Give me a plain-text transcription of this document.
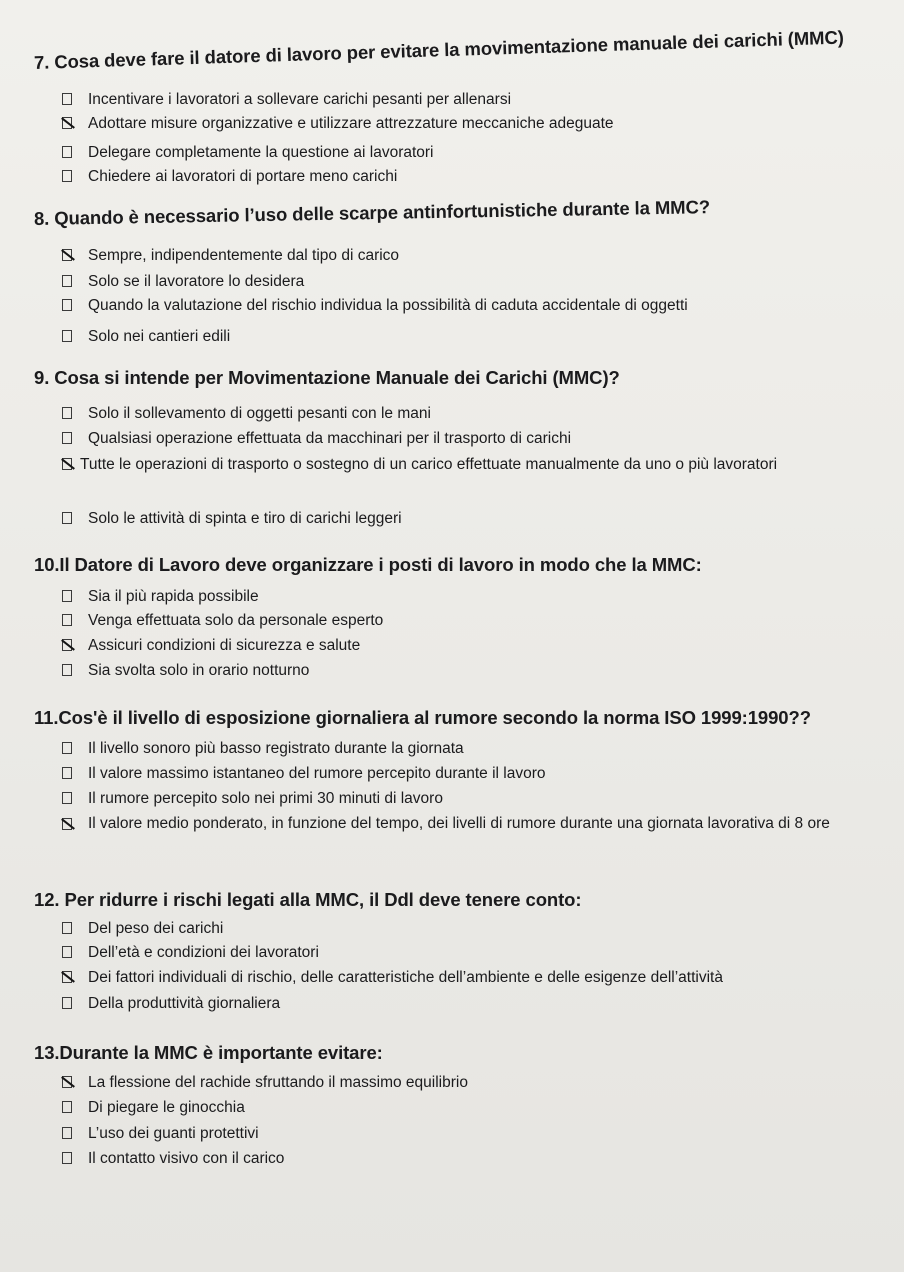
7. Cosa deve fare il datore di lavoro per evitare la movimentazione manuale dei carichi (MMC)
Incentivare i lavoratori a sollevare carichi pesanti per allenarsi
Adottare misure organizzative e utilizzare attrezzature meccaniche adeguate
Delegare completamente la questione ai lavoratori
Chiedere ai lavoratori di portare meno carichi
8. Quando è necessario l’uso delle scarpe antinfortunistiche durante la MMC?
Sempre, indipendentemente dal tipo di carico
Solo se il lavoratore lo desidera
Quando la valutazione del rischio individua la possibilità di caduta accidentale di oggetti
Solo nei cantieri edili
9. Cosa si intende per Movimentazione Manuale dei Carichi (MMC)?
Solo il sollevamento di oggetti pesanti con le mani
Qualsiasi operazione effettuata da macchinari per il trasporto di carichi
Tutte le operazioni di trasporto o sostegno di un carico effettuate manualmente da uno o più lavoratori
Solo le attività di spinta e tiro di carichi leggeri
10.Il Datore di Lavoro deve organizzare i posti di lavoro in modo che la MMC:
Sia il più rapida possibile
Venga effettuata solo da personale esperto
Assicuri condizioni di sicurezza e salute
Sia svolta solo in orario notturno
11.Cos'è il livello di esposizione giornaliera al rumore secondo la norma ISO 1999:1990??
Il livello sonoro più basso registrato durante la giornata
Il valore massimo istantaneo del rumore percepito durante il lavoro
Il rumore percepito solo nei primi 30 minuti di lavoro
Il valore medio ponderato, in funzione del tempo, dei livelli di rumore durante una giornata lavorativa di 8 ore
12. Per ridurre i rischi legati alla MMC, il Ddl deve tenere conto:
Del peso dei carichi
Dell’età e condizioni dei lavoratori
Dei fattori individuali di rischio, delle caratteristiche dell’ambiente e delle esigenze dell’attività
Della produttività giornaliera
13.Durante la MMC è importante evitare:
La flessione del rachide sfruttando il massimo equilibrio
Di piegare le ginocchia
L’uso dei guanti protettivi
Il contatto visivo con il carico
